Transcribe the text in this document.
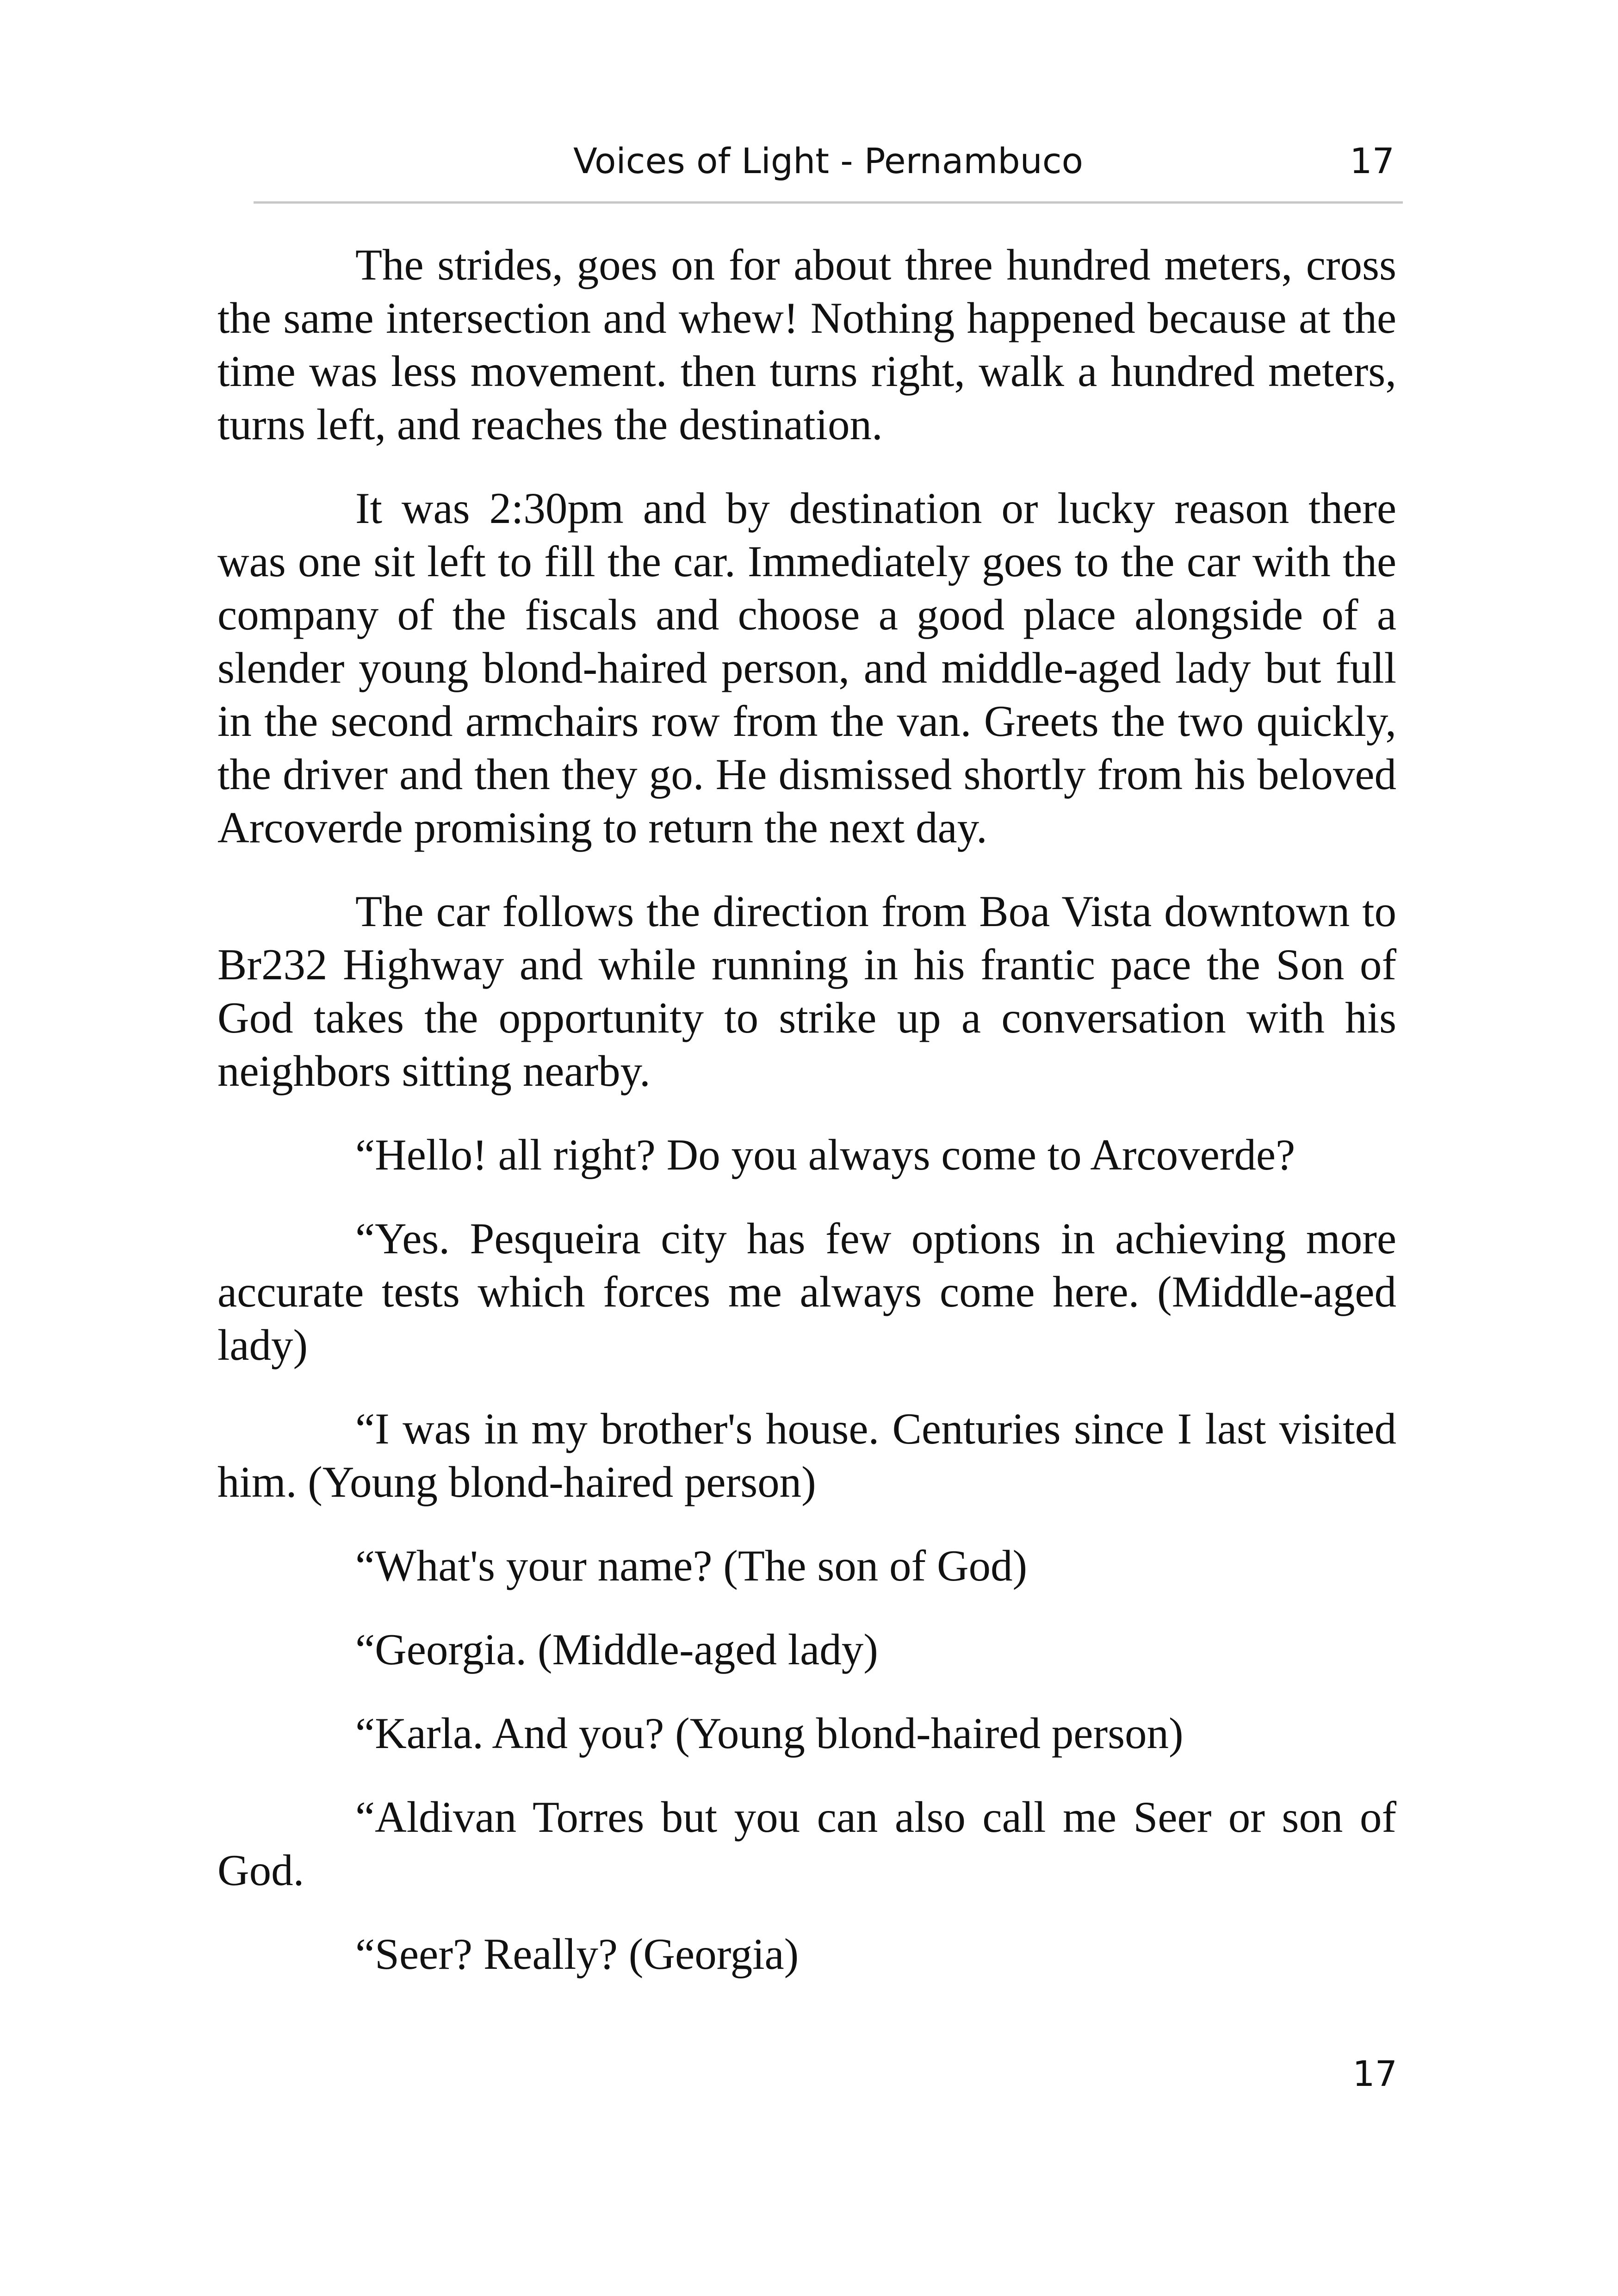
Voices of Light - Pernambuco	17

The strides, goes on for about three hundred meters, cross the same intersection and whew! Nothing happened because at the time was less movement. then turns right, walk a hundred meters, turns left, and reaches the destination.

It was 2:30pm and by destination or lucky reason there was one sit left to fill the car. Immediately goes to the car with the company of the fiscals and choose a good place alongside of a slender young blond-haired person, and middle-aged lady but full in the second armchairs row from the van. Greets the two quickly, the driver and then they go. He dismissed shortly from his beloved Arcoverde promising to return the next day.

The car follows the direction from Boa Vista downtown to Br232 Highway and while running in his frantic pace the Son of God takes the opportunity to strike up a conversation with his neighbors sitting nearby.

“Hello! all right? Do you always come to Arcoverde?

“Yes. Pesqueira city has few options in achieving more accurate tests which forces me always come here. (Middle-aged lady)

“I was in my brother's house. Centuries since I last visited him. (Young blond-haired person)

“What's your name? (The son of God)

“Georgia. (Middle-aged lady)

“Karla. And you? (Young blond-haired person)

“Aldivan Torres but you can also call me Seer or son of God.

“Seer? Really? (Georgia)

17
